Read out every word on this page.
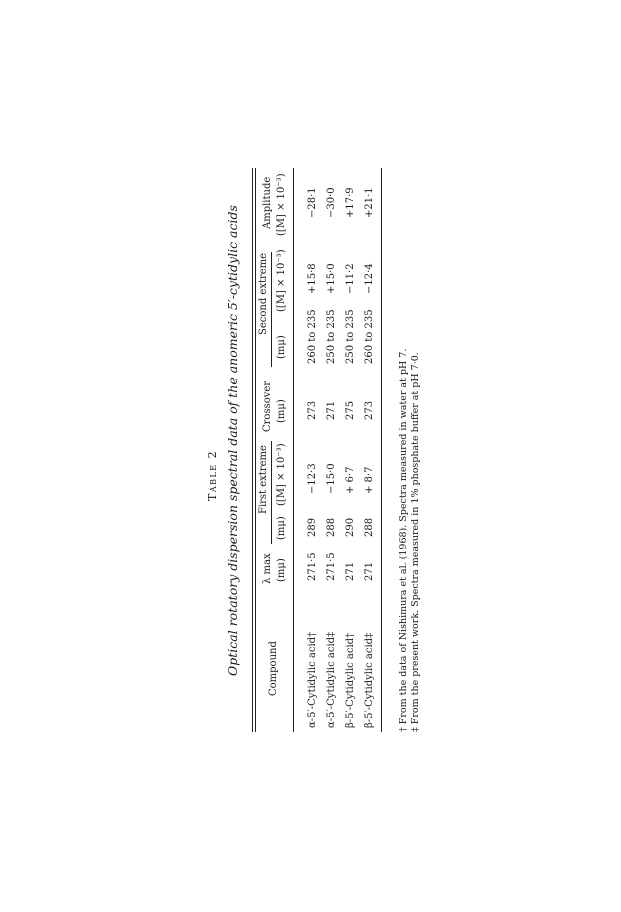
Table 2 Optical rotatory dispersion spectral data of the anomeric 5′-cytidylic acids	Compound
λ max (mμ)
First extreme
(mμ)
([M] × 10⁻³)
Crossover (mμ)
Second extreme
(mμ)
([M] × 10⁻³)
Amplitude ([M] × 10⁻³)
α-5′-Cytidylic acid†
271·5
289
−12·3
273
260 to 235
+15·8
−28·1
α-5′-Cytidylic acid‡
271·5
288
−15·0
271
250 to 235
+15·0
−30·0
β-5′-Cytidylic acid†
271
290
+ 6·7
275
250 to 235
−11·2
+17·9
β-5′-Cytidylic acid‡
271
288
+ 8·7
273
260 to 235
−12·4
+21·1
† From the data of Nishimura et al. (1968). Spectra measured in water at pH 7. ‡ From the present work. Spectra measured in 1% phosphate buffer at pH 7·0.
